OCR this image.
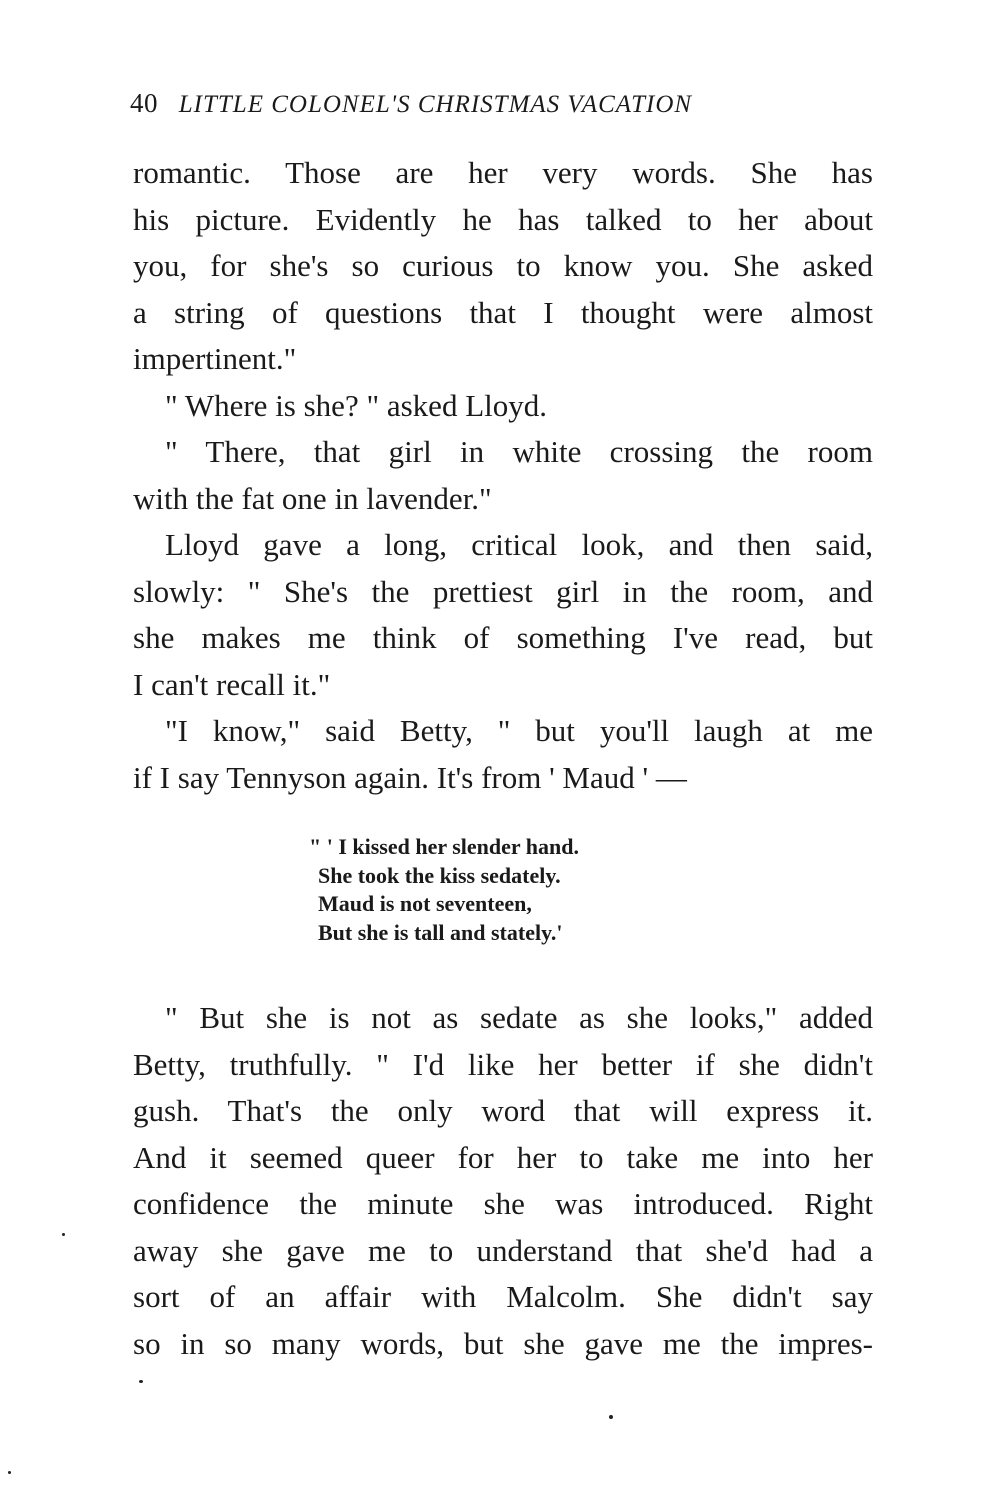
40 LITTLE COLONEL'S CHRISTMAS VACATION
romantic. Those are her very words. She has
his picture. Evidently he has talked to her about
you, for she's so curious to know you. She asked
a string of questions that I thought were almost
impertinent."
" Where is she? " asked Lloyd.
" There, that girl in white crossing the room
with the fat one in lavender."
Lloyd gave a long, critical look, and then said,
slowly: " She's the prettiest girl in the room, and
she makes me think of something I've read, but
I can't recall it."
"I know," said Betty, " but you'll laugh at me
if I say Tennyson again. It's from ' Maud ' —
" ' I kissed her slender hand.
She took the kiss sedately.
Maud is not seventeen,
But she is tall and stately.'
" But she is not as sedate as she looks," added
Betty, truthfully. " I'd like her better if she didn't
gush. That's the only word that will express it.
And it seemed queer for her to take me into her
confidence the minute she was introduced. Right
away she gave me to understand that she'd had a
sort of an affair with Malcolm. She didn't say
so in so many words, but she gave me the impres-
